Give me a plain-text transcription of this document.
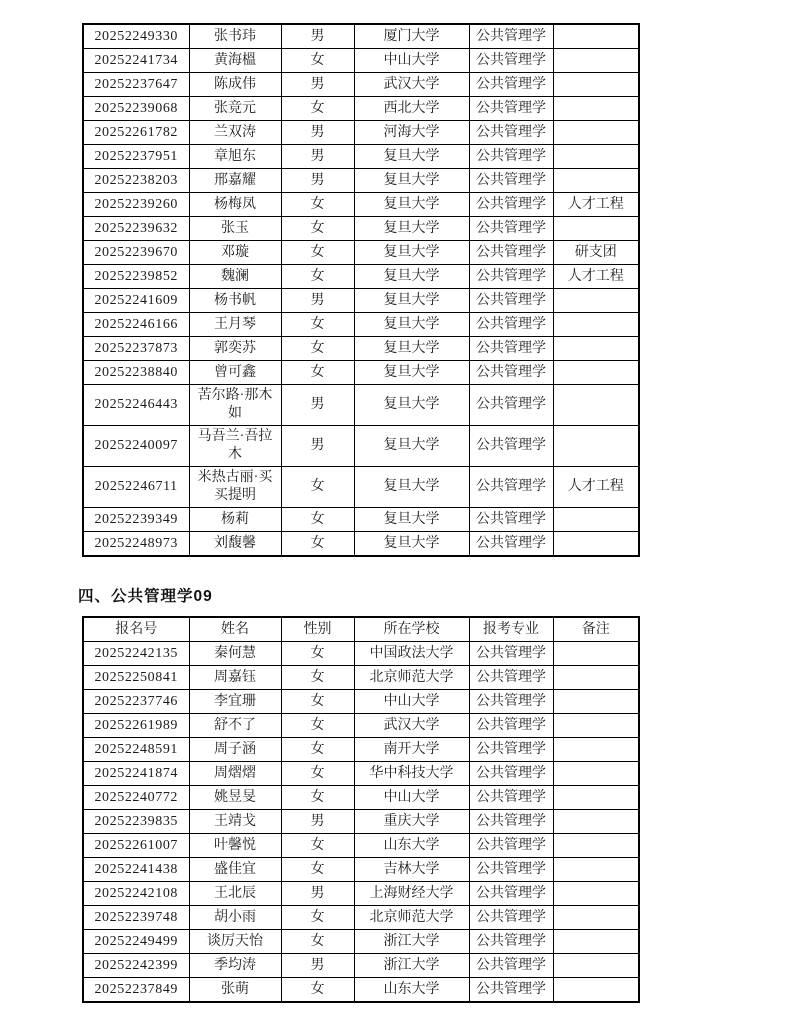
20252249330	张书玮	男	厦门大学	公共管理学	
20252241734	黄海榲	女	中山大学	公共管理学	
20252237647	陈成伟	男	武汉大学	公共管理学	
20252239068	张竞元	女	西北大学	公共管理学	
20252261782	兰双涛	男	河海大学	公共管理学	
20252237951	章旭东	男	复旦大学	公共管理学	
20252238203	邢嘉耀	男	复旦大学	公共管理学	
20252239260	杨梅凤	女	复旦大学	公共管理学	人才工程
20252239632	张玉	女	复旦大学	公共管理学	
20252239670	邓璇	女	复旦大学	公共管理学	研支团
20252239852	魏澜	女	复旦大学	公共管理学	人才工程
20252241609	杨书帆	男	复旦大学	公共管理学	
20252246166	王月琴	女	复旦大学	公共管理学	
20252237873	郭奕苏	女	复旦大学	公共管理学	
20252238840	曾可鑫	女	复旦大学	公共管理学	
20252246443	苦尔路·那木如	男	复旦大学	公共管理学	
20252240097	马吾兰·吾拉木	男	复旦大学	公共管理学	
20252246711	米热古丽·买买提明	女	复旦大学	公共管理学	人才工程
20252239349	杨莉	女	复旦大学	公共管理学	
20252248973	刘馥馨	女	复旦大学	公共管理学	
四、公共管理学09
报名号	姓名	性别	所在学校	报考专业	备注
20252242135	秦何慧	女	中国政法大学	公共管理学	
20252250841	周嘉钰	女	北京师范大学	公共管理学	
20252237746	李宜珊	女	中山大学	公共管理学	
20252261989	舒不了	女	武汉大学	公共管理学	
20252248591	周子涵	女	南开大学	公共管理学	
20252241874	周熠熠	女	华中科技大学	公共管理学	
20252240772	姚昱旻	女	中山大学	公共管理学	
20252239835	王靖戈	男	重庆大学	公共管理学	
20252261007	叶馨悦	女	山东大学	公共管理学	
20252241438	盛佳宜	女	吉林大学	公共管理学	
20252242108	王北辰	男	上海财经大学	公共管理学	
20252239748	胡小雨	女	北京师范大学	公共管理学	
20252249499	谈厉天怡	女	浙江大学	公共管理学	
20252242399	季均涛	男	浙江大学	公共管理学	
20252237849	张萌	女	山东大学	公共管理学	
